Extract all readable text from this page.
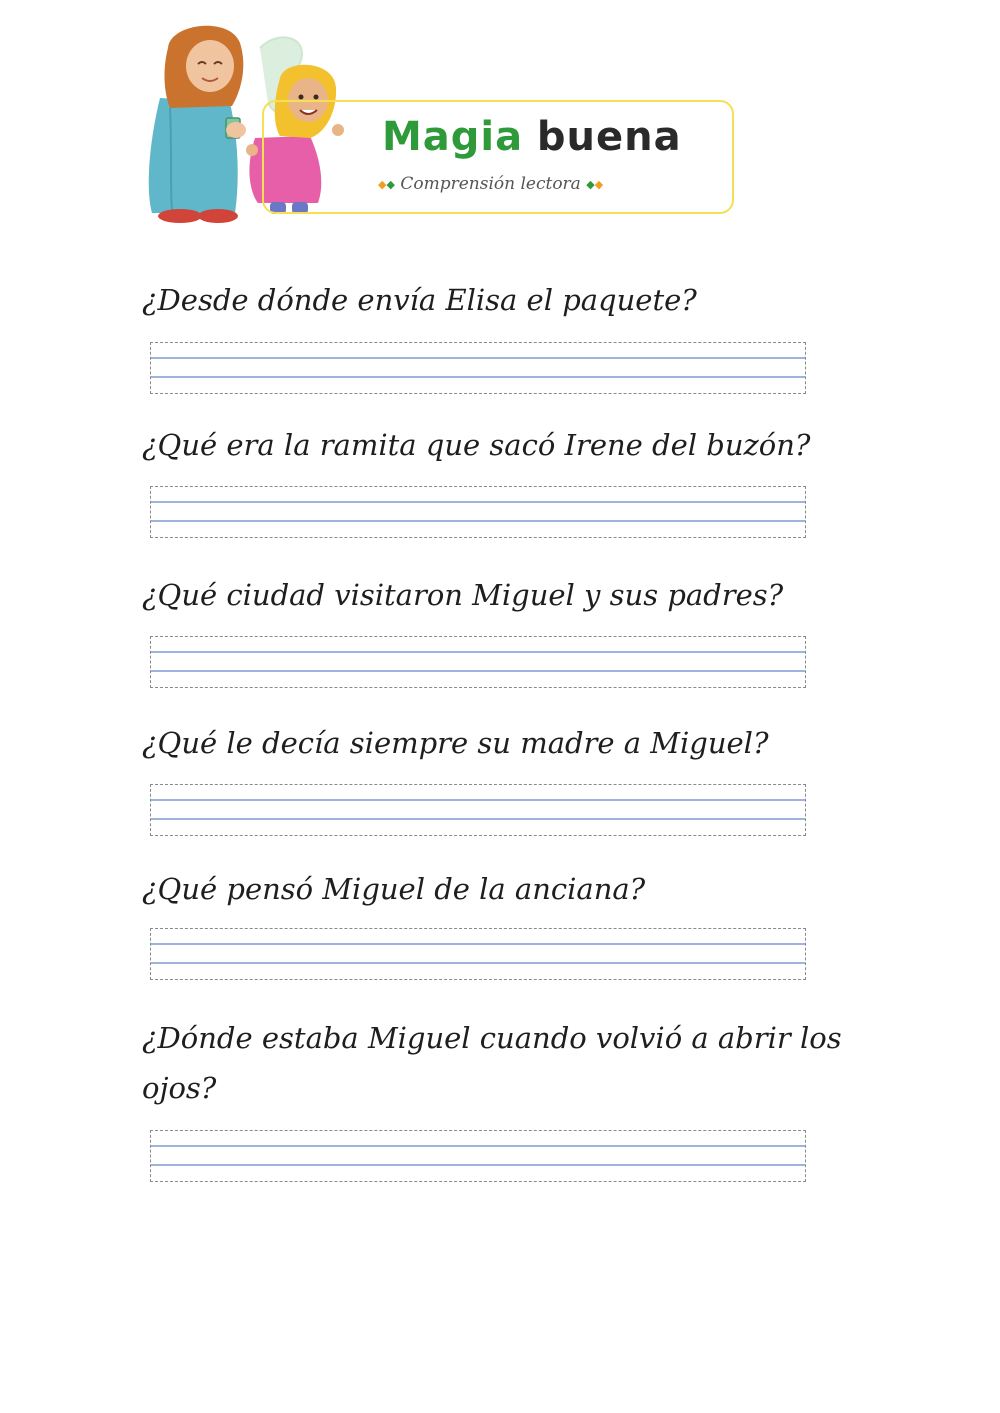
Magia buena
◆◆ Comprensión lectora ◆◆

¿Desde dónde envía Elisa el paquete?

¿Qué era la ramita que sacó Irene del buzón?

¿Qué ciudad visitaron Miguel y sus padres?

¿Qué le decía siempre su madre a Miguel?

¿Qué pensó Miguel de la anciana?

¿Dónde estaba Miguel cuando volvió a abrir los ojos?
